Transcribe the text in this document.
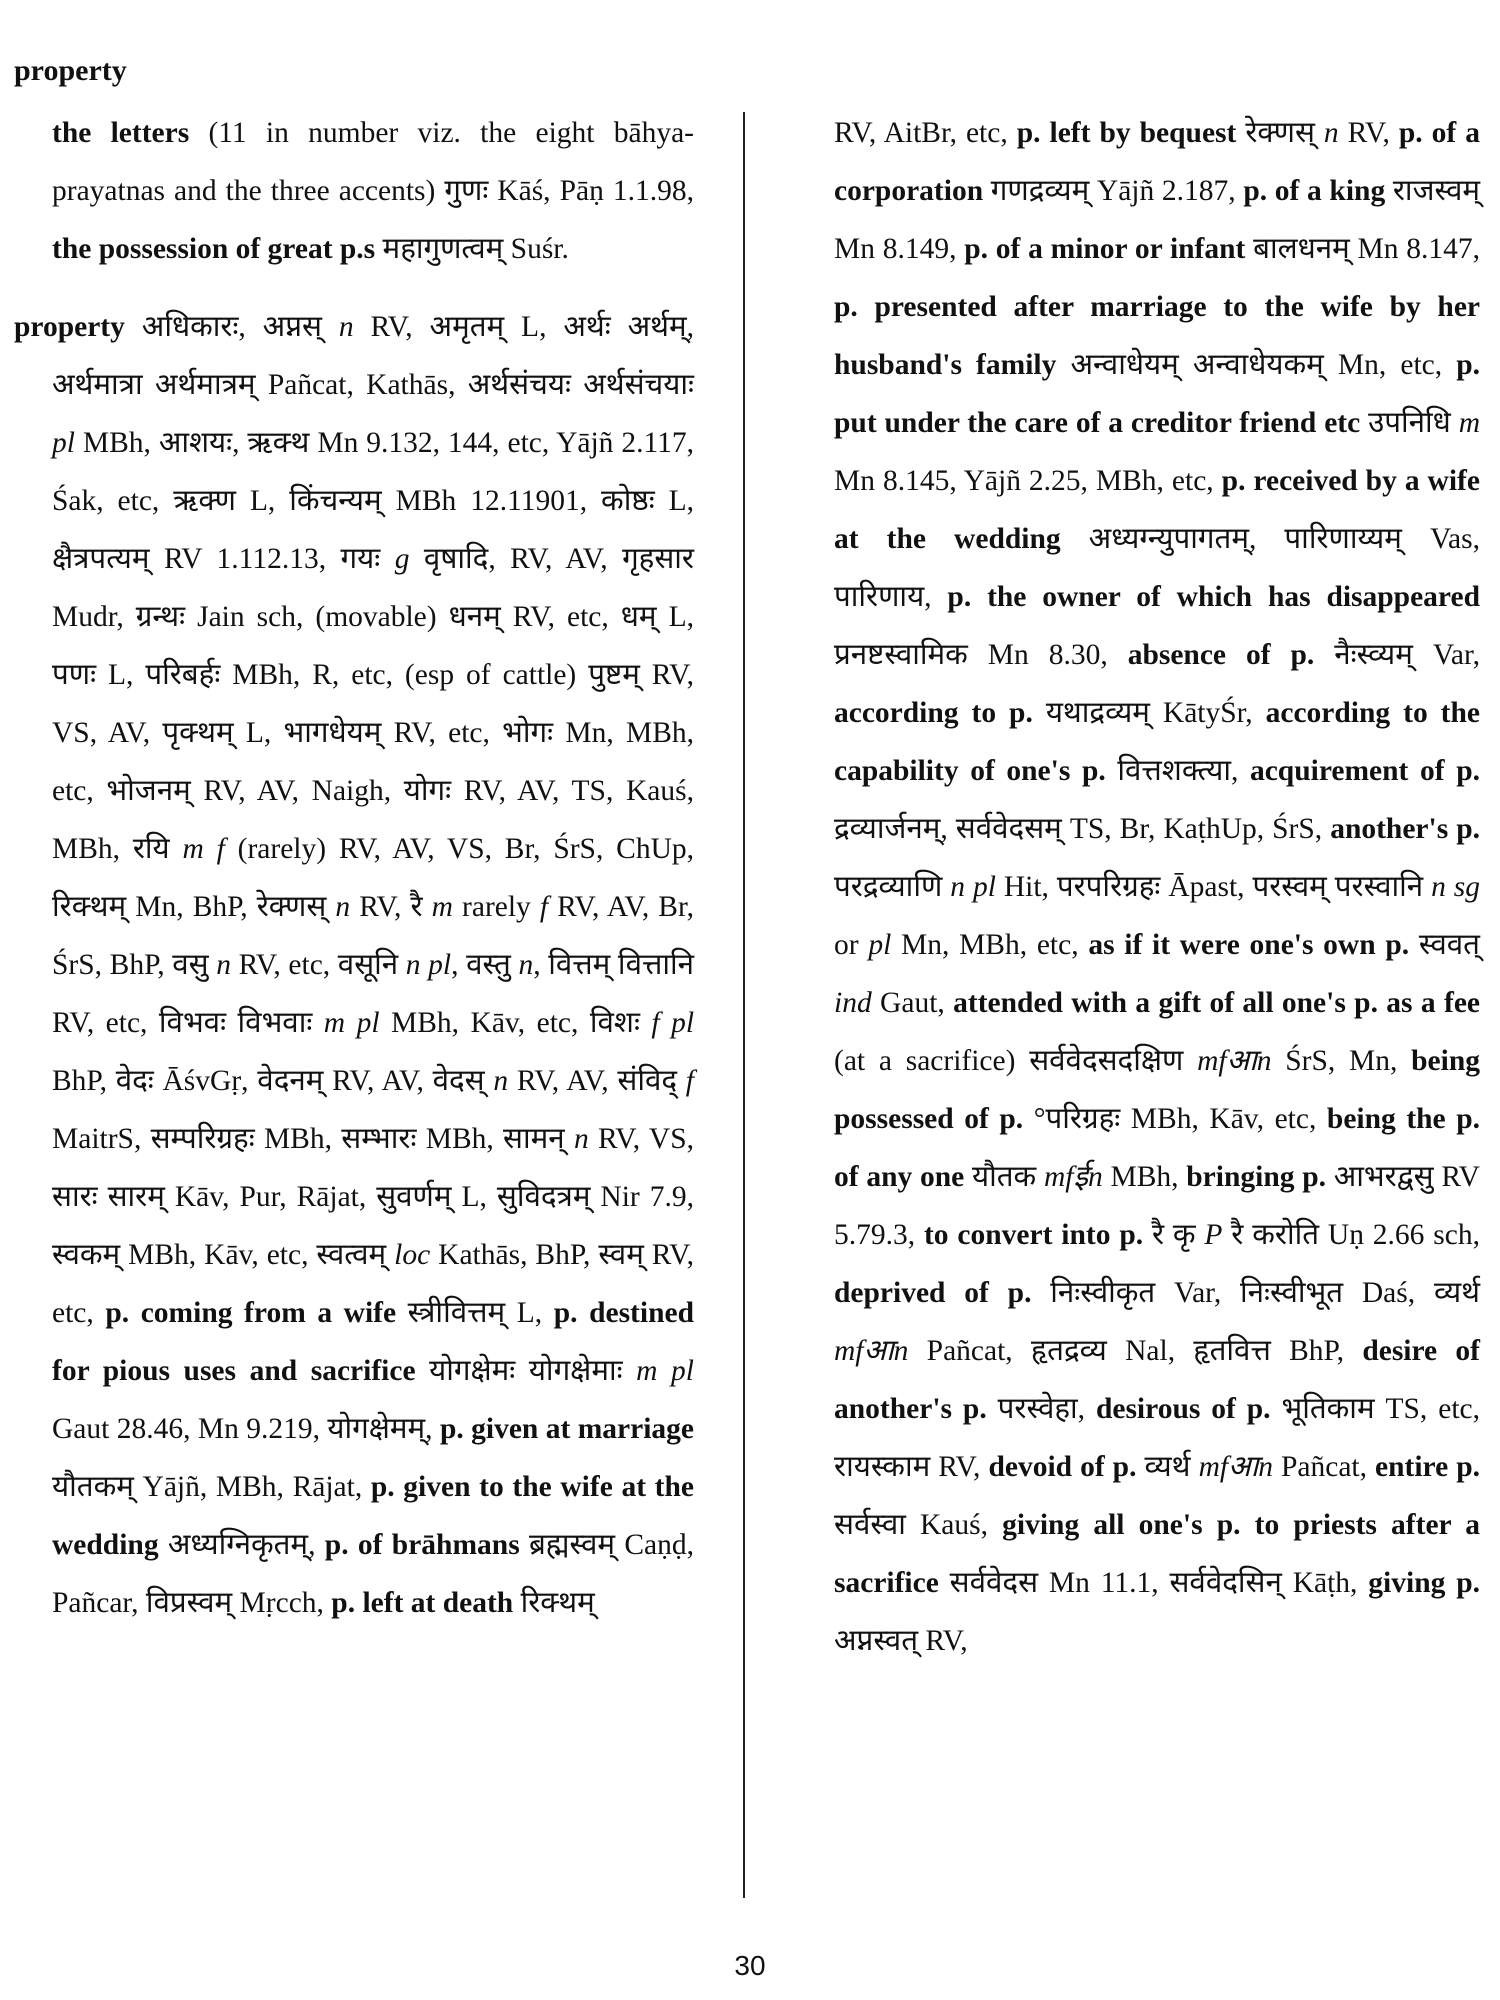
property

the letters (11 in number viz. the eight bāhya-prayatnas and the three accents) गुणः Kāś, Pāṇ 1.1.98, the possession of great p.s महागुणत्वम् Suśr.

property अधिकारः, अप्नस् n RV, अमृतम् L, अर्थः अर्थम्, अर्थमात्रा अर्थमात्रम् Pañcat, Kathās, अर्थसंचयः अर्थसंचयाः pl MBh, आशयः, ऋक्थ Mn 9.132, 144, etc, Yājñ 2.117, Śak, etc, ऋक्ण L, किंचन्यम् MBh 12.11901, कोष्ठः L, क्षैत्रपत्यम् RV 1.112.13, गयः g वृषादि, RV, AV, गृहसार Mudr, ग्रन्थः Jain sch, (movable) धनम् RV, etc, धम् L, पणः L, परिबर्हः MBh, R, etc, (esp of cattle) पुष्टम् RV, VS, AV, पृक्थम् L, भागधेयम् RV, etc, भोगः Mn, MBh, etc, भोजनम् RV, AV, Naigh, योगः RV, AV, TS, Kauś, MBh, रयि m f (rarely) RV, AV, VS, Br, ŚrS, ChUp, रिक्थम् Mn, BhP, रेक्णस् n RV, रै m rarely f RV, AV, Br, ŚrS, BhP, वसु n RV, etc, वसूनि n pl, वस्तु n, वित्तम् वित्तानि RV, etc, विभवः विभवाः m pl MBh, Kāv, etc, विशः f pl BhP, वेदः ĀśvGṛ, वेदनम् RV, AV, वेदस् n RV, AV, संविद् f MaitrS, सम्परिग्रहः MBh, सम्भारः MBh, सामन् n RV, VS, सारः सारम् Kāv, Pur, Rājat, सुवर्णम् L, सुविदत्रम् Nir 7.9, स्वकम् MBh, Kāv, etc, स्वत्वम् loc Kathās, BhP, स्वम् RV, etc, p. coming from a wife स्त्रीवित्तम् L, p. destined for pious uses and sacrifice योगक्षेमः योगक्षेमाः m pl Gaut 28.46, Mn 9.219, योगक्षेमम्, p. given at marriage यौतकम् Yājñ, MBh, Rājat, p. given to the wife at the wedding अध्यग्निकृतम्, p. of brāhmans ब्रह्मस्वम् Caṇḍ, Pañcar, विप्रस्वम् Mṛcch, p. left at death रिक्थम्

RV, AitBr, etc, p. left by bequest रेक्णस् n RV, p. of a corporation गणद्रव्यम् Yājñ 2.187, p. of a king राजस्वम् Mn 8.149, p. of a minor or infant बालधनम् Mn 8.147, p. presented after marriage to the wife by her husband's family अन्वाधेयम् अन्वाधेयकम् Mn, etc, p. put under the care of a creditor friend etc उपनिधि m Mn 8.145, Yājñ 2.25, MBh, etc, p. received by a wife at the wedding अध्यग्न्युपागतम्, पारिणाय्यम् Vas, पारिणाय, p. the owner of which has disappeared प्रनष्टस्वामिक Mn 8.30, absence of p. नैःस्व्यम् Var, according to p. यथाद्रव्यम् KātyŚr, according to the capability of one's p. वित्तशक्त्या, acquirement of p. द्रव्यार्जनम्, सर्ववेदसम् TS, Br, KaṭhUp, ŚrS, another's p. परद्रव्याणि n pl Hit, परपरिग्रहः Āpast, परस्वम् परस्वानि n sg or pl Mn, MBh, etc, as if it were one's own p. स्ववत् ind Gaut, attended with a gift of all one's p. as a fee (at a sacrifice) सर्ववेदसदक्षिण mfआn ŚrS, Mn, being possessed of p. °परिग्रहः MBh, Kāv, etc, being the p. of any one यौतक mfईn MBh, bringing p. आभरद्वसु RV 5.79.3, to convert into p. रै कृ P रै करोति Uṇ 2.66 sch, deprived of p. निःस्वीकृत Var, निःस्वीभूत Daś, व्यर्थ mfआn Pañcat, हृतद्रव्य Nal, हृतवित्त BhP, desire of another's p. परस्वेहा, desirous of p. भूतिकाम TS, etc, रायस्काम RV, devoid of p. व्यर्थ mfआn Pañcat, entire p. सर्वस्वा Kauś, giving all one's p. to priests after a sacrifice सर्ववेदस Mn 11.1, सर्ववेदसिन् Kāṭh, giving p. अप्नस्वत् RV,

30
